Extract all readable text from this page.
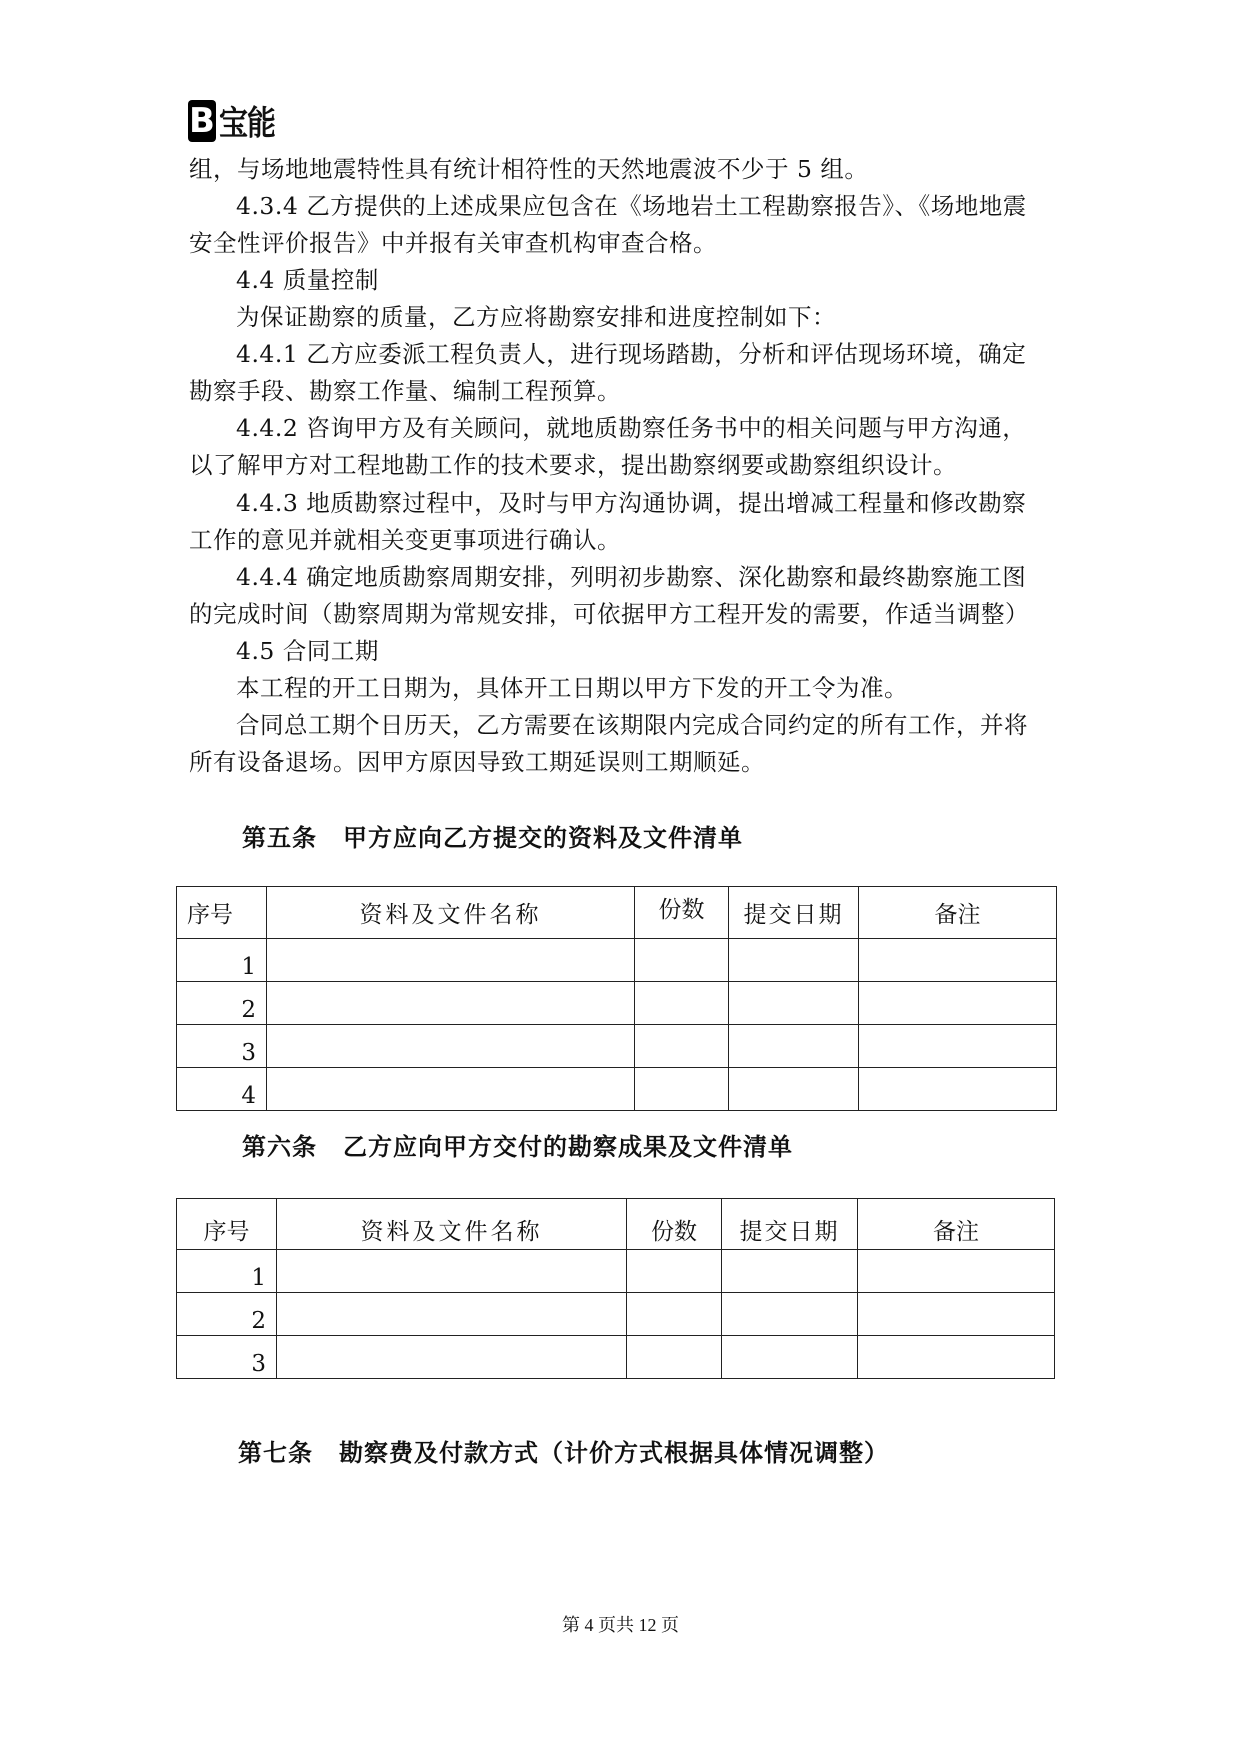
B 宝能
组，与场地地震特性具有统计相符性的天然地震波不少于 5 组。
4.3.4 乙方提供的上述成果应包含在《场地岩土工程勘察报告》、《场地地震
安全性评价报告》中并报有关审查机构审查合格。
4.4 质量控制
为保证勘察的质量，乙方应将勘察安排和进度控制如下：
4.4.1 乙方应委派工程负责人，进行现场踏勘，分析和评估现场环境，确定
勘察手段、勘察工作量、编制工程预算。
4.4.2 咨询甲方及有关顾问，就地质勘察任务书中的相关问题与甲方沟通，
以了解甲方对工程地勘工作的技术要求，提出勘察纲要或勘察组织设计。
4.4.3 地质勘察过程中，及时与甲方沟通协调，提出增减工程量和修改勘察
工作的意见并就相关变更事项进行确认。
4.4.4 确定地质勘察周期安排，列明初步勘察、深化勘察和最终勘察施工图
的完成时间（勘察周期为常规安排，可依据甲方工程开发的需要，作适当调整）
4.5 合同工期
本工程的开工日期为，具体开工日期以甲方下发的开工令为准。
合同总工期个日历天，乙方需要在该期限内完成合同约定的所有工作，并将
所有设备退场。因甲方原因导致工期延误则工期顺延。
第五条 甲方应向乙方提交的资料及文件清单
序号	资料及文件名称	份数	提交日期	备注
1				
2				
3				
4				
第六条 乙方应向甲方交付的勘察成果及文件清单
序号	资料及文件名称	份数	提交日期	备注
1				
2				
3				
第七条 勘察费及付款方式（计价方式根据具体情况调整）
第 4 页共 12 页
